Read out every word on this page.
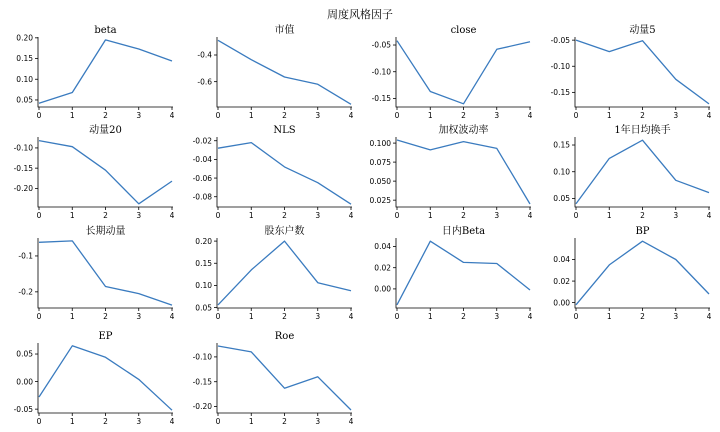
周度风格因子
beta
0.05
0.10
0.15
0.20
0	1	2	3	4
市值
-0.6
-0.4
0	1	2	3	4
close
-0.15
-0.10
-0.05
0	1	2	3	4
动量5
-0.15
-0.10
-0.05
0	1	2	3	4
动量20
-0.20
-0.15
-0.10
0	1	2	3	4
NLS
-0.08
-0.06
-0.04
-0.02
0	1	2	3	4
加权波动率
0.025
0.050
0.075
0.100
0	1	2	3	4
1年日均换手
0.05
0.10
0.15
0	1	2	3	4
长期动量
-0.2
-0.1
0	1	2	3	4
股东户数
0.05
0.10
0.15
0.20
0	1	2	3	4
日内Beta
0.00
0.02
0.04
0	1	2	3	4
BP
0.00
0.02
0.04
0	1	2	3	4
EP
-0.05
0.00
0.05
0	1	2	3	4
Roe
-0.20
-0.15
-0.10
0	1	2	3	4
